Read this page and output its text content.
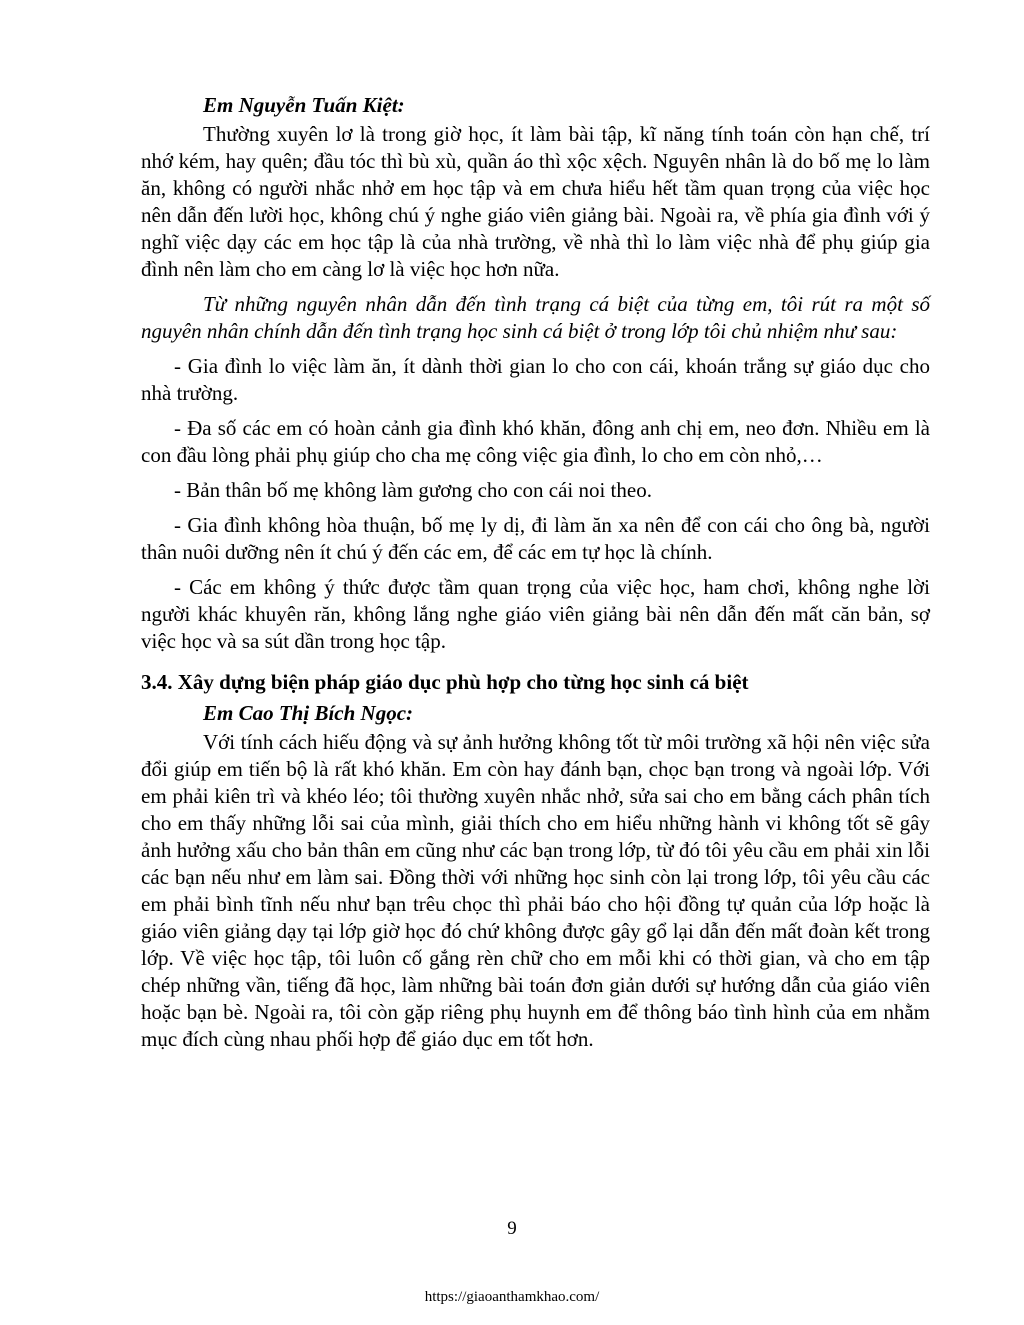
Em Nguyễn Tuấn Kiệt:

Thường xuyên lơ là trong giờ học, ít làm bài tập, kĩ năng tính toán còn hạn chế, trí nhớ kém, hay quên; đầu tóc thì bù xù, quần áo thì xộc xệch. Nguyên nhân là do bố mẹ lo làm ăn, không có người nhắc nhở em học tập và em chưa hiểu hết tầm quan trọng của việc học nên dẫn đến lười học, không chú ý nghe giáo viên giảng bài. Ngoài ra, về phía gia đình với ý nghĩ việc dạy các em học tập là của nhà trường, về nhà thì lo làm việc nhà để phụ giúp gia đình nên làm cho em càng lơ là việc học hơn nữa.

Từ những nguyên nhân dẫn đến tình trạng cá biệt của từng em, tôi rút ra một số nguyên nhân chính dẫn đến tình trạng học sinh cá biệt ở trong lớp tôi chủ nhiệm như sau:

- Gia đình lo việc làm ăn, ít dành thời gian lo cho con cái, khoán trắng sự giáo dục cho nhà trường.

- Đa số các em có hoàn cảnh gia đình khó khăn, đông anh chị em, neo đơn. Nhiều em là con đầu lòng phải phụ giúp cho cha mẹ công việc gia đình, lo cho em còn nhỏ,…

- Bản thân bố mẹ không làm gương cho con cái noi theo.

- Gia đình không hòa thuận, bố mẹ ly dị, đi làm ăn xa nên để con cái cho ông bà, người thân nuôi dưỡng nên ít chú ý đến các em, để các em tự học là chính.

- Các em không ý thức được tầm quan trọng của việc học, ham chơi, không nghe lời người khác khuyên răn, không lắng nghe giáo viên giảng bài nên dẫn đến mất căn bản, sợ việc học và sa sút dần trong học tập.

3.4. Xây dựng biện pháp giáo dục phù hợp cho từng học sinh cá biệt
Em Cao Thị Bích Ngọc:

Với tính cách hiếu động và sự ảnh hưởng không tốt từ môi trường xã hội nên việc sửa đổi giúp em tiến bộ là rất khó khăn. Em còn hay đánh bạn, chọc bạn trong và ngoài lớp. Với em phải kiên trì và khéo léo; tôi thường xuyên nhắc nhở, sửa sai cho em bằng cách phân tích cho em thấy những lỗi sai của mình, giải thích cho em hiểu những hành vi không tốt sẽ gây ảnh hưởng xấu cho bản thân em cũng như các bạn trong lớp, từ đó tôi yêu cầu em phải xin lỗi các bạn nếu như em làm sai. Đồng thời với những học sinh còn lại trong lớp, tôi yêu cầu các em phải bình tĩnh nếu như bạn trêu chọc thì phải báo cho hội đồng tự quản của lớp hoặc là giáo viên giảng dạy tại lớp giờ học đó chứ không được gây gổ lại dẫn đến mất đoàn kết trong lớp. Về việc học tập, tôi luôn cố gắng rèn chữ cho em mỗi khi có thời gian, và cho em tập chép những vần, tiếng đã học, làm những bài toán đơn giản dưới sự hướng dẫn của giáo viên hoặc bạn bè. Ngoài ra, tôi còn gặp riêng phụ huynh em để thông báo tình hình của em nhằm mục đích cùng nhau phối hợp để giáo dục em tốt hơn.

9
https://giaoanthamkhao.com/
